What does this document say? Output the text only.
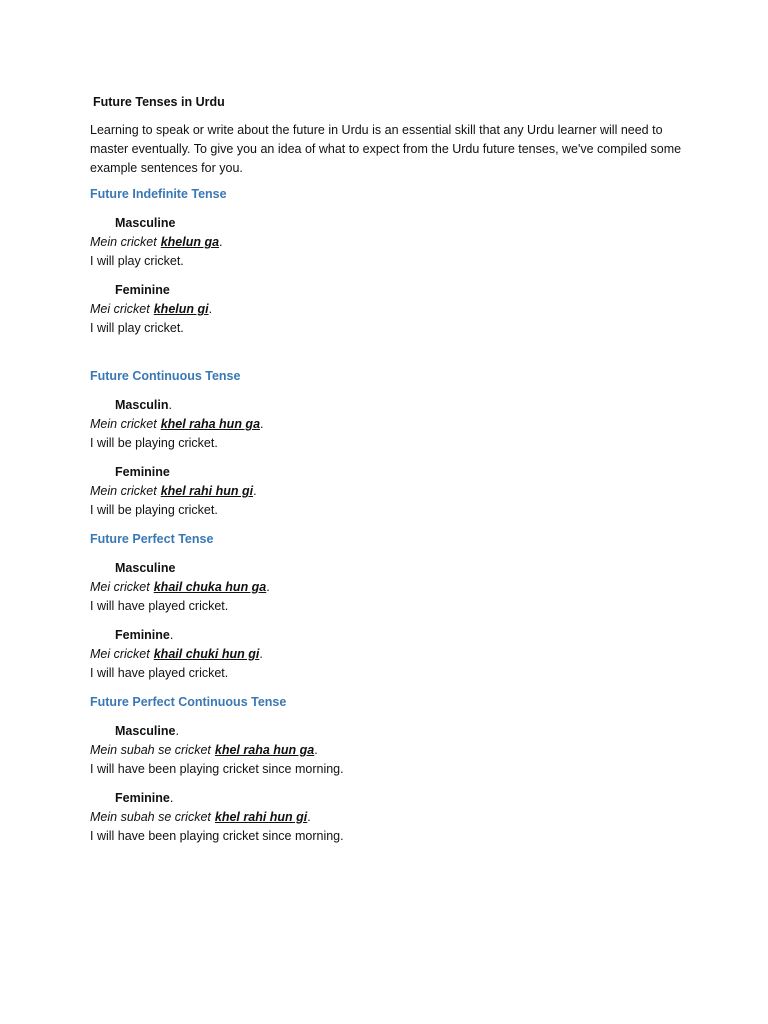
Future Tenses in Urdu
Learning to speak or write about the future in Urdu is an essential skill that any Urdu learner will need to master eventually. To give you an idea of what to expect from the Urdu future tenses, we've compiled some example sentences for you.
Future Indefinite Tense
Masculine
Mein cricket khelun ga.
I will play cricket.
Feminine
Mei cricket khelun gi.
I will play cricket.
Future Continuous Tense
Masculin.
Mein cricket khel raha hun ga.
I will be playing cricket.
Feminine
Mein cricket khel rahi hun gi.
I will be playing cricket.
Future Perfect Tense
Masculine
Mei cricket khail chuka hun ga.
I will have played cricket.
Feminine.
Mei cricket khail chuki hun gi.
I will have played cricket.
Future Perfect Continuous Tense
Masculine.
Mein subah se cricket khel raha hun ga.
I will have been playing cricket since morning.
Feminine.
Mein subah se cricket khel rahi hun gi.
I will have been playing cricket since morning.
